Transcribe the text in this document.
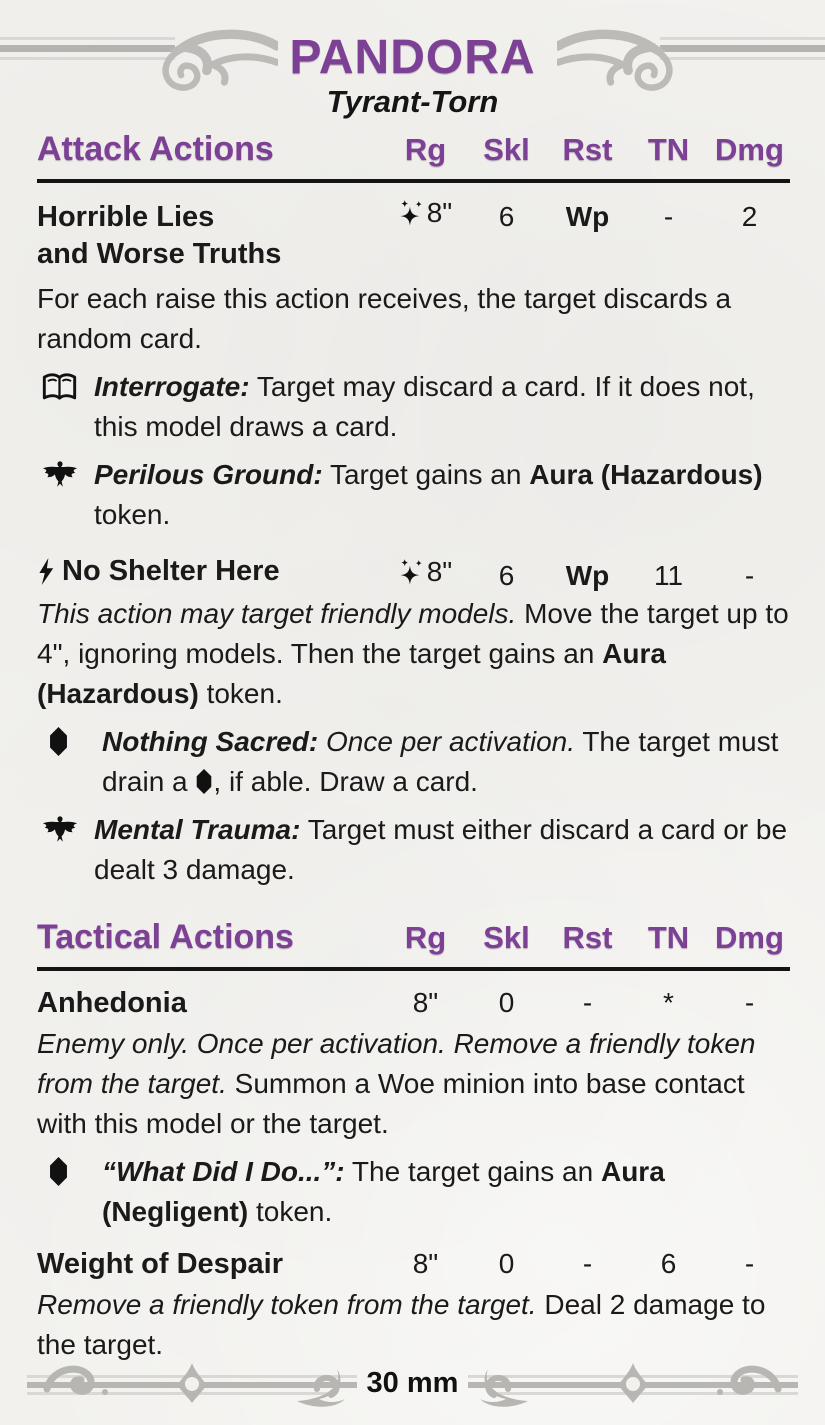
PANDORA
Tyrant-Torn
Attack Actions	Rg	Skl	Rst	TN Dmg
Horrible Lies	8"	6	Wp	-	2
and Worse Truths
For each raise this action receives, the target discards a random card.
Interrogate: Target may discard a card. If it does not, this model draws a card.
Perilous Ground: Target gains an Aura (Hazardous) token.
No Shelter Here	8"	6	Wp	11	-
This action may target friendly models. Move the target up to 4", ignoring models. Then the target gains an Aura (Hazardous) token.
Nothing Sacred: Once per activation. The target must drain a , if able. Draw a card.
Mental Trauma: Target must either discard a card or be dealt 3 damage.
Tactical Actions	Rg	Skl	Rst	TN Dmg
Anhedonia	8"	0	-	*	-
Enemy only. Once per activation. Remove a friendly token from the target. Summon a Woe minion into base contact with this model or the target.
“What Did I Do...”: The target gains an Aura (Negligent) token.
Weight of Despair	8"	0	-	6	-
Remove a friendly token from the target. Deal 2 damage to the target.
30 mm
